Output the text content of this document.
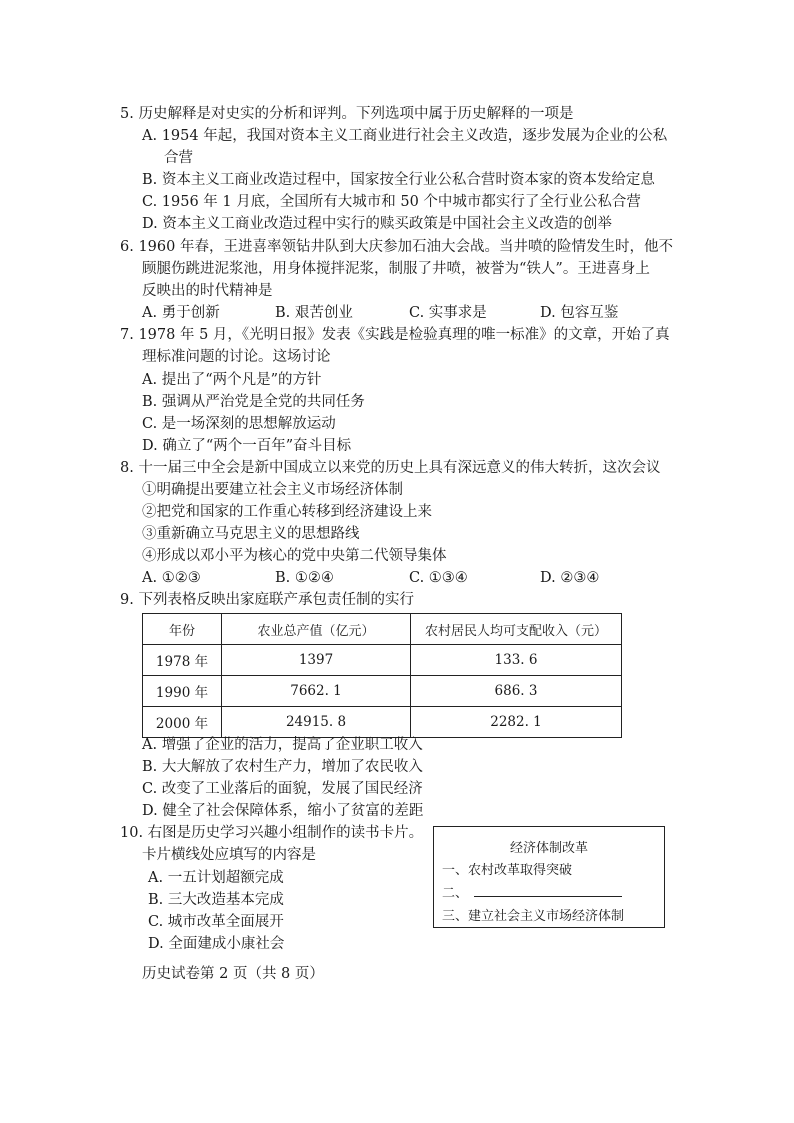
5. 历史解释是对史实的分析和评判。下列选项中属于历史解释的一项是
A. 1954 年起，我国对资本主义工商业进行社会主义改造，逐步发展为企业的公私
合营
B. 资本主义工商业改造过程中，国家按全行业公私合营时资本家的资本发给定息
C. 1956 年 1 月底，全国所有大城市和 50 个中城市都实行了全行业公私合营
D. 资本主义工商业改造过程中实行的赎买政策是中国社会主义改造的创举
6. 1960 年春，王进喜率领钻井队到大庆参加石油大会战。当井喷的险情发生时，他不
顾腿伤跳进泥浆池，用身体搅拌泥浆，制服了井喷，被誉为“铁人”。王进喜身上
反映出的时代精神是
A. 勇于创新	B. 艰苦创业	C. 实事求是	D. 包容互鉴
7. 1978 年 5 月，《光明日报》发表《实践是检验真理的唯一标准》的文章，开始了真
理标准问题的讨论。这场讨论
A. 提出了“两个凡是”的方针
B. 强调从严治党是全党的共同任务
C. 是一场深刻的思想解放运动
D. 确立了“两个一百年”奋斗目标
8. 十一届三中全会是新中国成立以来党的历史上具有深远意义的伟大转折，这次会议
①明确提出要建立社会主义市场经济体制
②把党和国家的工作重心转移到经济建设上来
③重新确立马克思主义的思想路线
④形成以邓小平为核心的党中央第二代领导集体
A. ①②③	B. ①②④	C. ①③④	D. ②③④
9. 下列表格反映出家庭联产承包责任制的实行
年份	农业总产值（亿元）	农村居民人均可支配收入（元）
1978 年	1397	133. 6
1990 年	7662. 1	686. 3
2000 年	24915. 8	2282. 1
A. 增强了企业的活力，提高了企业职工收入
B. 大大解放了农村生产力，增加了农民收入
C. 改变了工业落后的面貌，发展了国民经济
D. 健全了社会保障体系，缩小了贫富的差距
10. 右图是历史学习兴趣小组制作的读书卡片。
卡片横线处应填写的内容是
A. 一五计划超额完成
B. 三大改造基本完成
C. 城市改革全面展开
D. 全面建成小康社会
经济体制改革
一、农村改革取得突破
二、
三、建立社会主义市场经济体制
历史试卷第 2 页（共 8 页）
